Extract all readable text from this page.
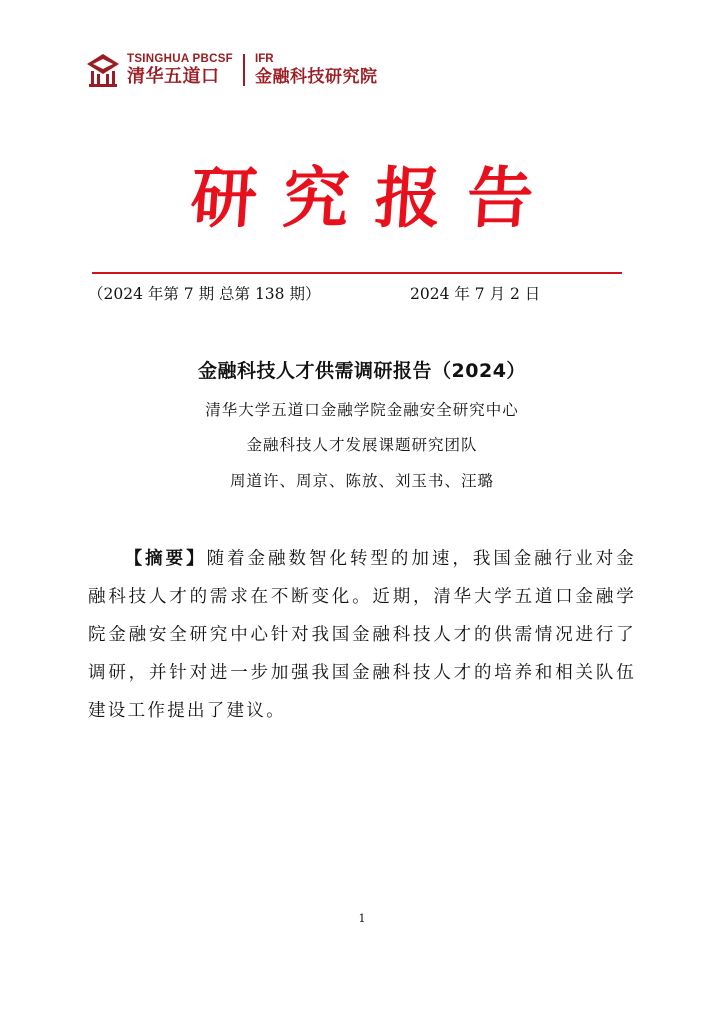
TSINGHUA PBCSF
清华五道口
IFR
金融科技研究院
研究报告
（2024 年第 7 期 总第 138 期）	2024 年 7 月 2 日
金融科技人才供需调研报告（2024）
清华大学五道口金融学院金融安全研究中心
金融科技人才发展课题研究团队
周道许、周京、陈放、刘玉书、汪璐
【摘要】随着金融数智化转型的加速，我国金融行业对金融科技人才的需求在不断变化。近期，清华大学五道口金融学院金融安全研究中心针对我国金融科技人才的供需情况进行了调研，并针对进一步加强我国金融科技人才的培养和相关队伍建设工作提出了建议。
1
